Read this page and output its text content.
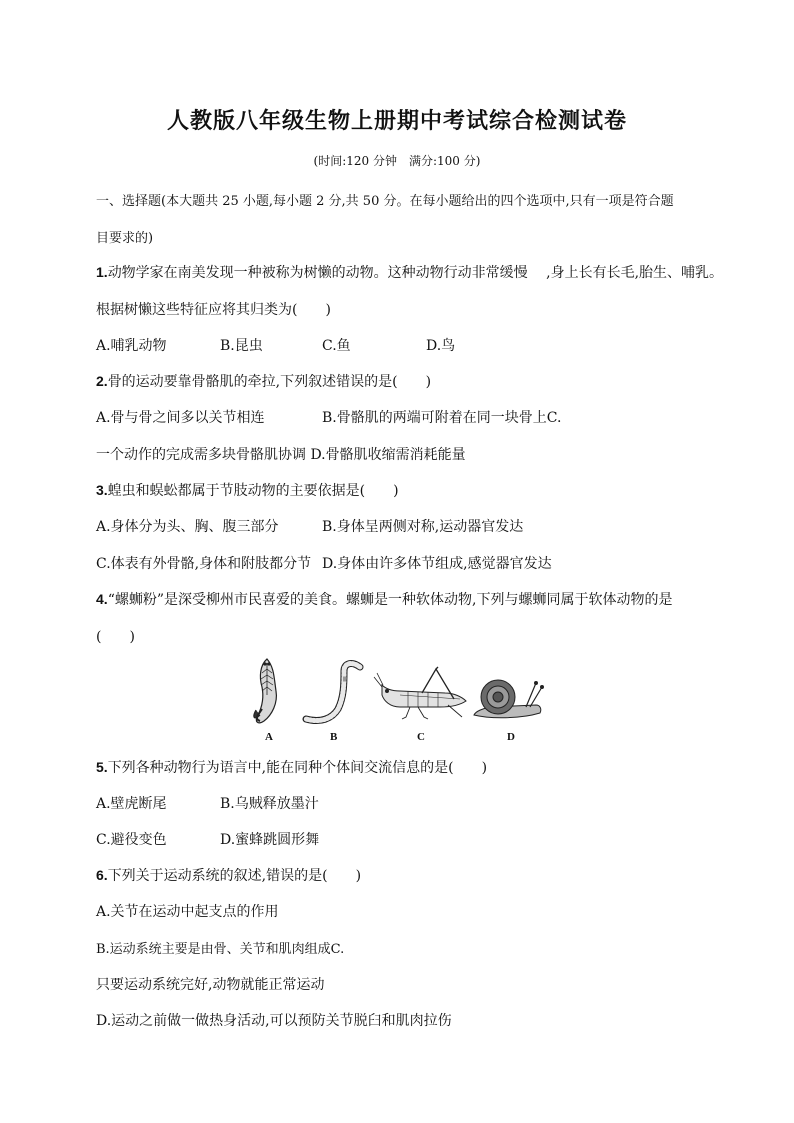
人教版八年级生物上册期中考试综合检测试卷
(时间:120 分钟　满分:100 分)
一、选择题(本大题共 25 小题,每小题 2 分,共 50 分。在每小题给出的四个选项中,只有一项是符合题
目要求的)
1.动物学家在南美发现一种被称为树懒的动物。这种动物行动非常缓慢　 ,身上长有长毛,胎生、哺乳。
根据树懒这些特征应将其归类为(　　)
A.哺乳动物	B.昆虫	C.鱼	D.鸟
2.骨的运动要靠骨骼肌的牵拉,下列叙述错误的是(　　)
A.骨与骨之间多以关节相连	B.骨骼肌的两端可附着在同一块骨上C.
一个动作的完成需多块骨骼肌协调 D.骨骼肌收缩需消耗能量
3.蝗虫和蜈蚣都属于节肢动物的主要依据是(　　)
A.身体分为头、胸、腹三部分	B.身体呈两侧对称,运动器官发达
C.体表有外骨骼,身体和附肢都分节 D.身体由许多体节组成,感觉器官发达
4.“螺蛳粉”是深受柳州市民喜爱的美食。螺蛳是一种软体动物,下列与螺蛳同属于软体动物的是
(　　)
A	B	C	D
5.下列各种动物行为语言中,能在同种个体间交流信息的是(　　)
A.壁虎断尾	B.乌贼释放墨汁
C.避役变色	D.蜜蜂跳圆形舞
6.下列关于运动系统的叙述,错误的是(　　)
A.关节在运动中起支点的作用
B.运动系统主要是由骨、关节和肌肉组成C.
只要运动系统完好,动物就能正常运动
D.运动之前做一做热身活动,可以预防关节脱臼和肌肉拉伤
